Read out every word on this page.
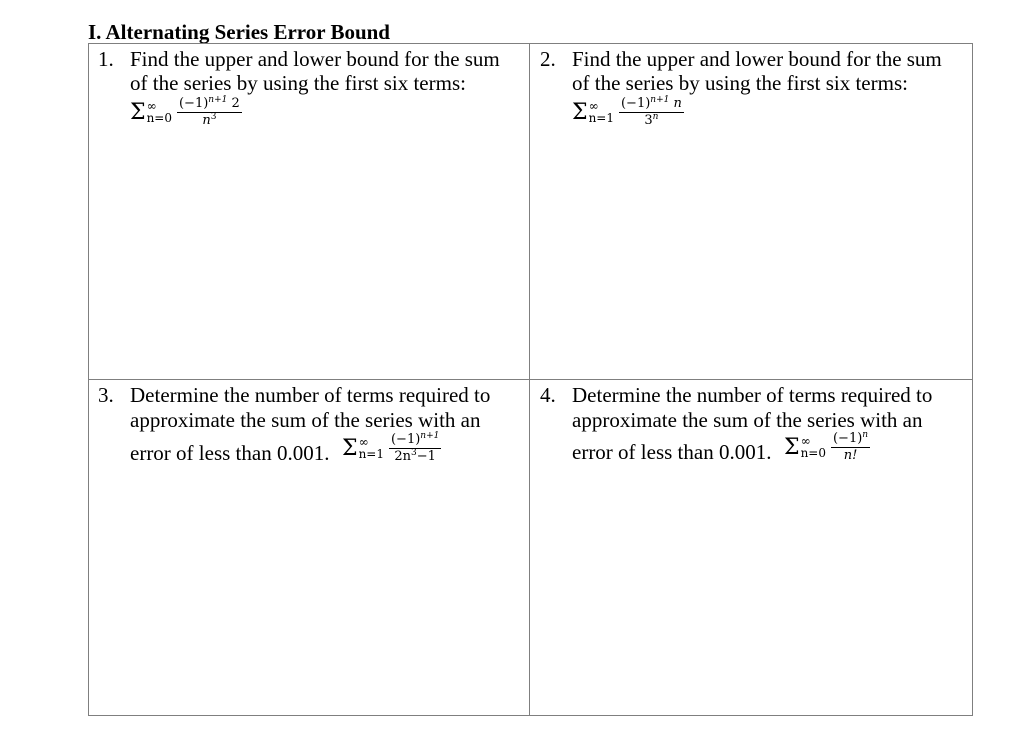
I. Alternating Series Error Bound
1. Find the upper and lower bound for the sum
of the series by using the first six terms:
Σ ∞
$n=0 \frac{(-1)^{n+1} 2}{n^3}$
2. Find the upper and lower bound for the sum
of the series by using the first six terms:
Σ ∞
$n=1 \frac{(-1)^{n+1} n}{3^n}$
3. Determine the number of terms required to
approximate the sum of the series with an
error of less than 0.001. Σ ∞
$n=1 \frac{(-1)^{n+1}}{2n^3-1}$
4. Determine the number of terms required to
approximate the sum of the series with an
error of less than 0.001. Σ ∞
$n=0 \frac{(-1)^n}{n!}$
